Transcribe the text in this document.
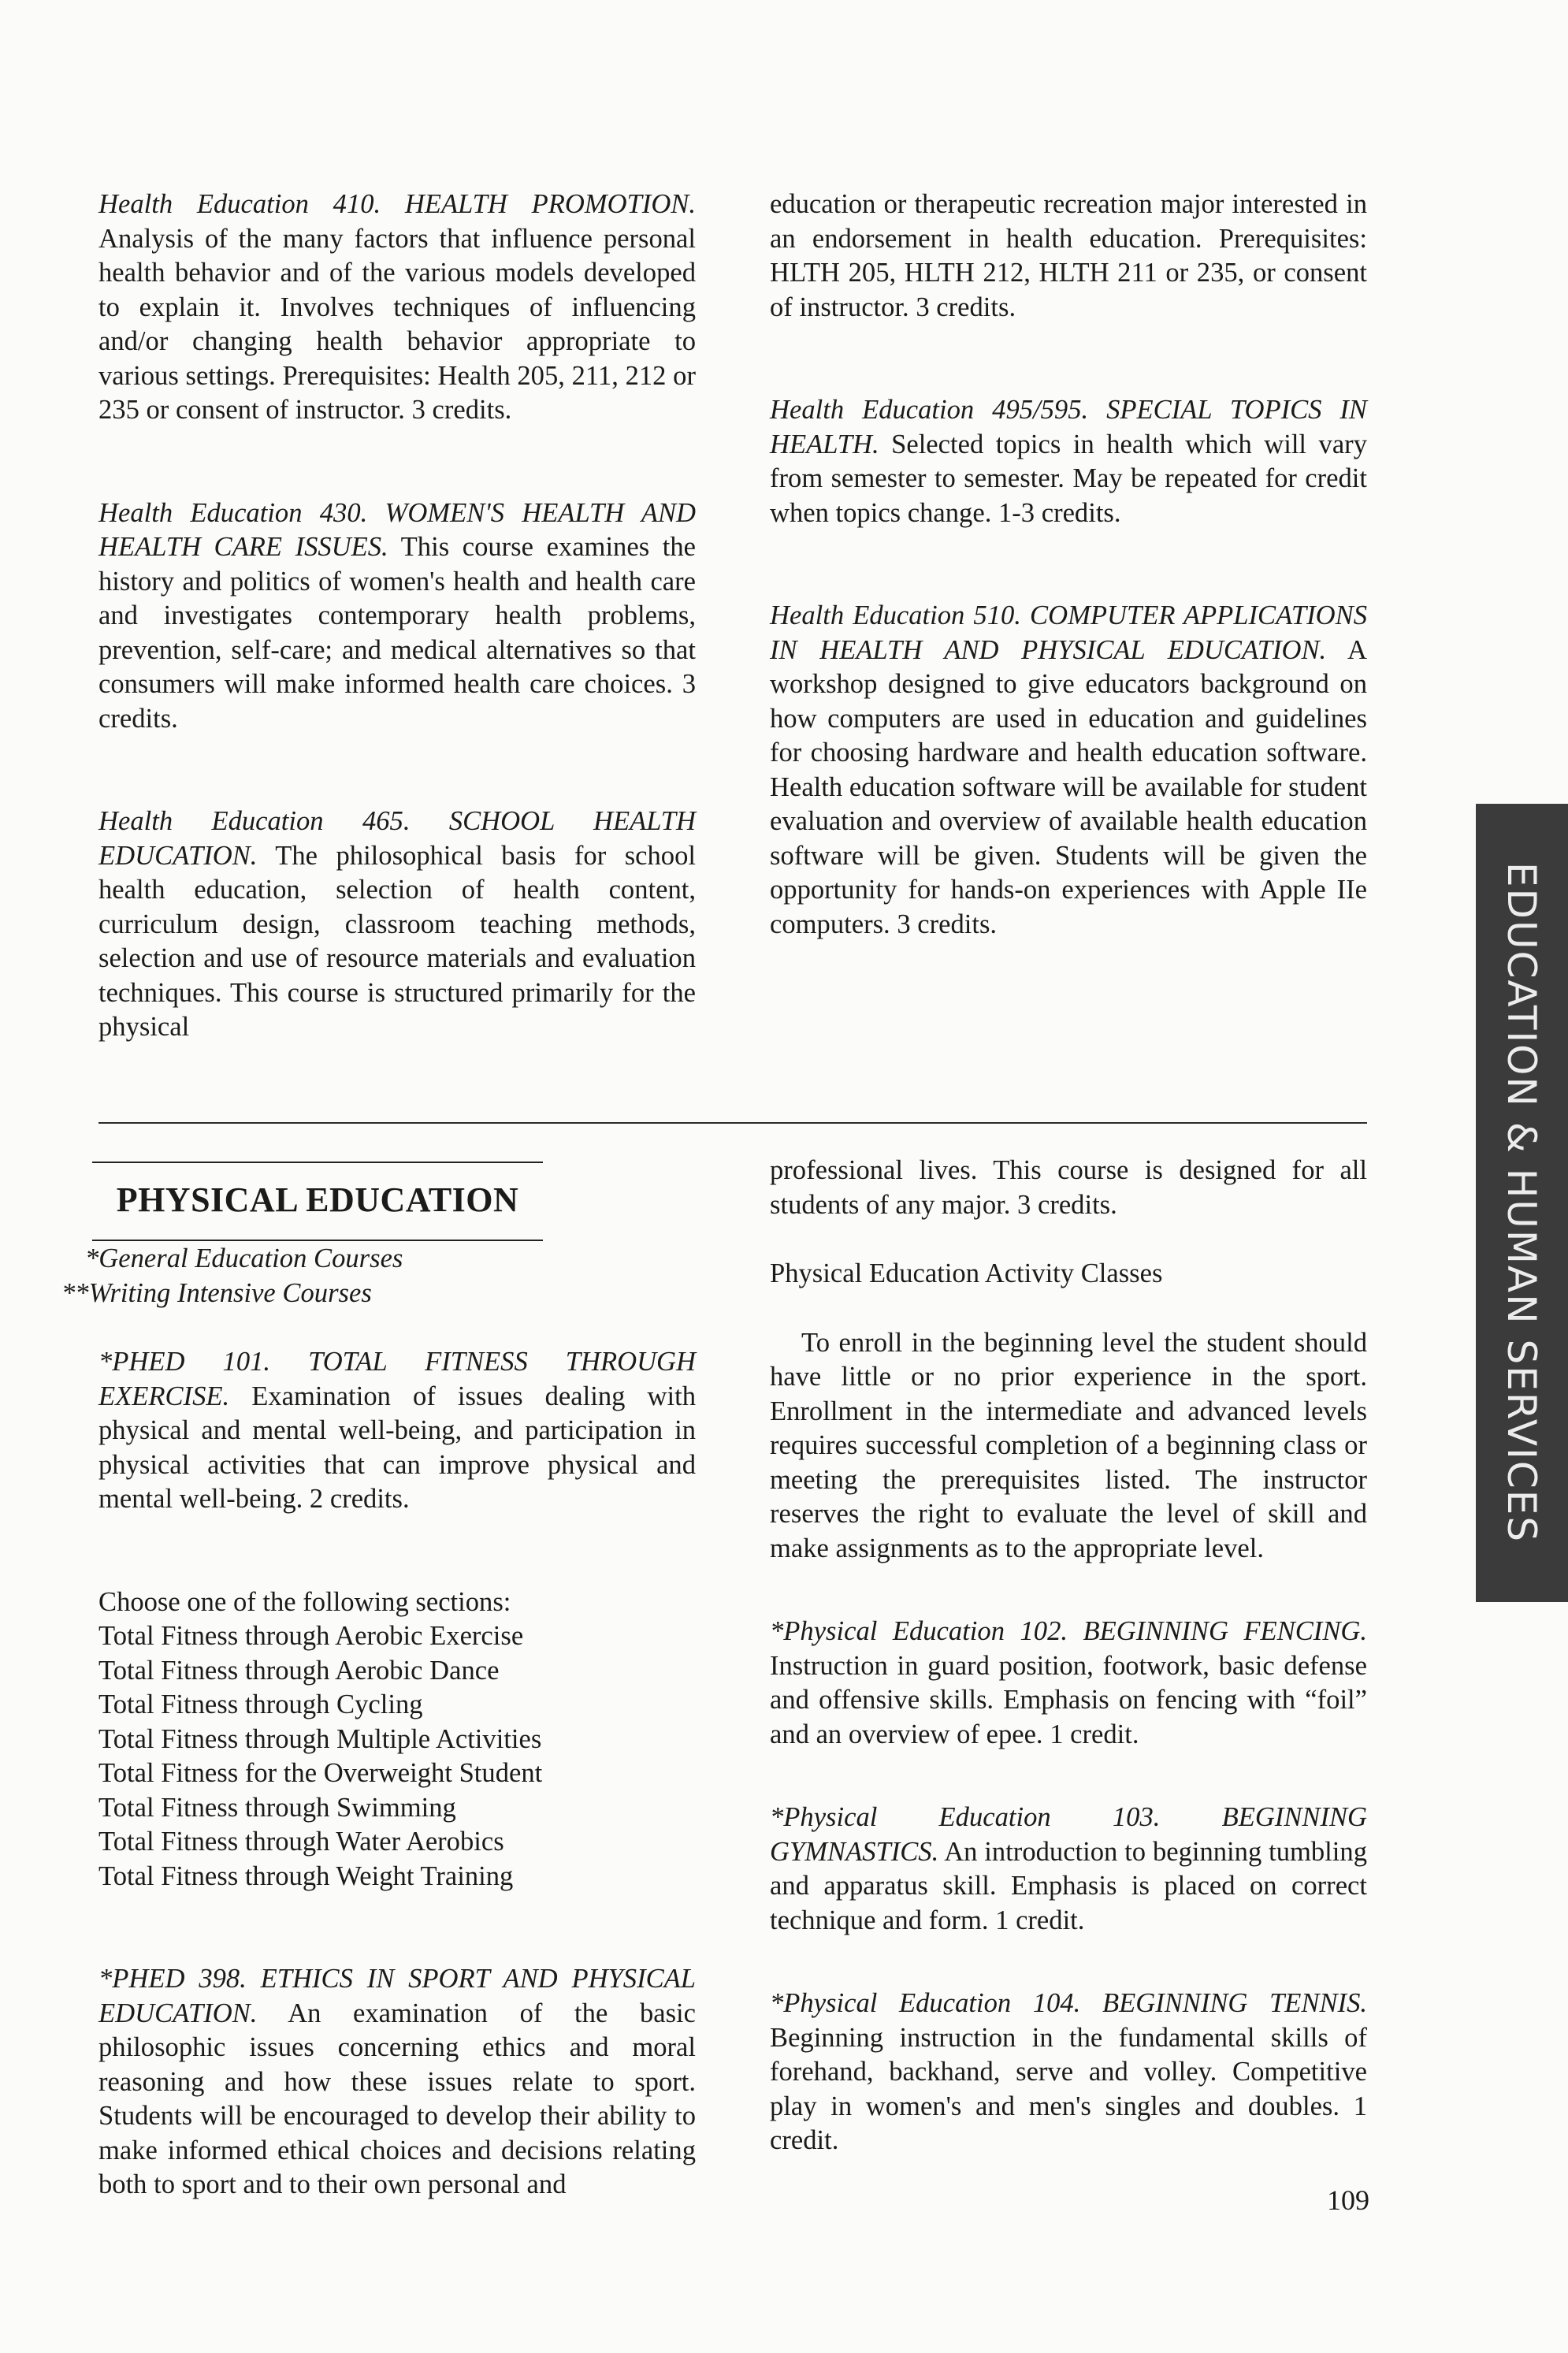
Health Education 410. HEALTH PROMOTION. Analysis of the many factors that influence personal health behavior and of the various models developed to explain it. Involves techniques of influencing and/or changing health behavior appropriate to various settings. Prerequisites: Health 205, 211, 212 or 235 or consent of instructor. 3 credits.

Health Education 430. WOMEN'S HEALTH AND HEALTH CARE ISSUES. This course examines the history and politics of women's health and health care and investigates contemporary health problems, prevention, self-care; and medical alternatives so that consumers will make informed health care choices. 3 credits.

Health Education 465. SCHOOL HEALTH EDUCATION. The philosophical basis for school health education, selection of health content, curriculum design, classroom teaching methods, selection and use of resource materials and evaluation techniques. This course is structured primarily for the physical

education or therapeutic recreation major interested in an endorsement in health education. Prerequisites: HLTH 205, HLTH 212, HLTH 211 or 235, or consent of instructor. 3 credits.

Health Education 495/595. SPECIAL TOPICS IN HEALTH. Selected topics in health which will vary from semester to semester. May be repeated for credit when topics change. 1-3 credits.

Health Education 510. COMPUTER APPLICATIONS IN HEALTH AND PHYSICAL EDUCATION. A workshop designed to give educators background on how computers are used in education and guidelines for choosing hardware and health education software. Health education software will be available for student evaluation and overview of available health education software will be given. Students will be given the opportunity for hands-on experiences with Apple IIe computers. 3 credits.

PHYSICAL EDUCATION
*General Education Courses
**Writing Intensive Courses

*PHED 101. TOTAL FITNESS THROUGH EXERCISE. Examination of issues dealing with physical and mental well-being, and participation in physical activities that can improve physical and mental well-being. 2 credits.

Choose one of the following sections:

Total Fitness through Aerobic Exercise

Total Fitness through Aerobic Dance

Total Fitness through Cycling

Total Fitness through Multiple Activities

Total Fitness for the Overweight Student

Total Fitness through Swimming

Total Fitness through Water Aerobics

Total Fitness through Weight Training

*PHED 398. ETHICS IN SPORT AND PHYSICAL EDUCATION. An examination of the basic philosophic issues concerning ethics and moral reasoning and how these issues relate to sport. Students will be encouraged to develop their ability to make informed ethical choices and decisions relating both to sport and to their own personal and

professional lives. This course is designed for all students of any major. 3 credits.

Physical Education Activity Classes

To enroll in the beginning level the student should have little or no prior experience in the sport. Enrollment in the intermediate and advanced levels requires successful completion of a beginning class or meeting the prerequisites listed. The instructor reserves the right to evaluate the level of skill and make assignments as to the appropriate level.

*Physical Education 102. BEGINNING FENCING. Instruction in guard position, footwork, basic defense and offensive skills. Emphasis on fencing with “foil” and an overview of epee. 1 credit.

*Physical Education 103. BEGINNING GYMNASTICS. An introduction to beginning tumbling and apparatus skill. Emphasis is placed on correct technique and form. 1 credit.

*Physical Education 104. BEGINNING TENNIS. Beginning instruction in the fundamental skills of forehand, backhand, serve and volley. Competitive play in women's and men's singles and doubles. 1 credit.

EDUCATION & HUMAN SERVICES
109
